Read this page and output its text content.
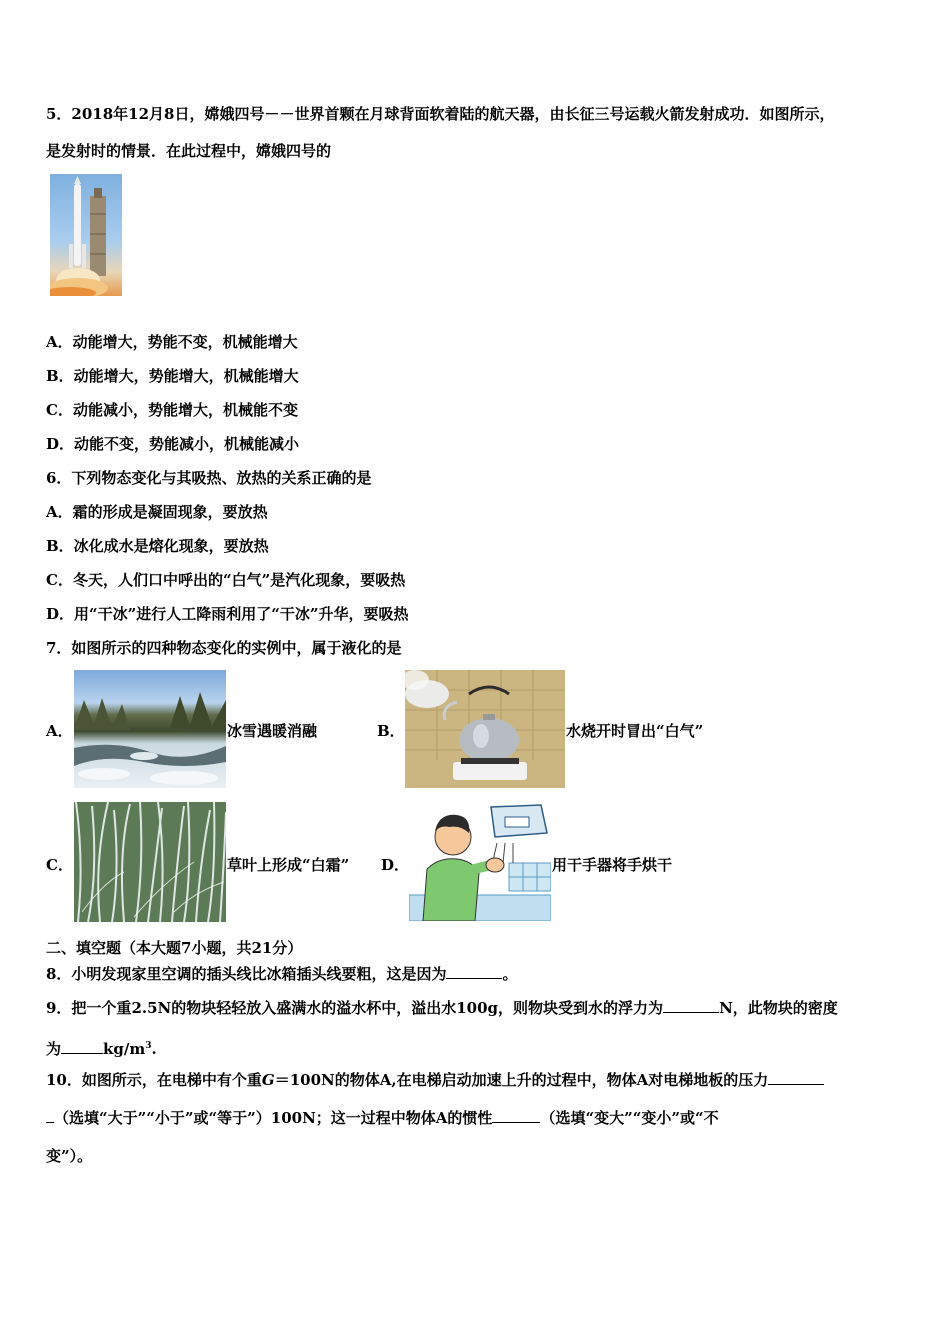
5．2018年12月8日，嫦娥四号－－世界首颗在月球背面软着陆的航天器，由长征三号运载火箭发射成功．如图所示，
是发射时的情景．在此过程中，嫦娥四号的
A．动能增大，势能不变，机械能增大
B．动能增大，势能增大，机械能增大
C．动能减小，势能增大，机械能不变
D．动能不变，势能减小，机械能减小
6．下列物态变化与其吸热、放热的关系正确的是
A．霜的形成是凝固现象，要放热
B．冰化成水是熔化现象，要放热
C．冬天，人们口中呼出的“白气”是汽化现象，要吸热
D．用“干冰”进行人工降雨利用了“干冰”升华，要吸热
7．如图所示的四种物态变化的实例中，属于液化的是
A．	冰雪遇暖消融	B．	水烧开时冒出“白气”
C．	草叶上形成“白霜” D．	用干手器将手烘干
二、填空题（本大题7小题，共21分）
8．小明发现家里空调的插头线比冰箱插头线要粗，这是因为	。
9．把一个重2.5N的物块轻轻放入盛满水的溢水杯中，溢出水100g，则物块受到水的浮力为	N，此物块的密度
为	$kg/m^3$.
10．如图所示，在电梯中有个重G＝100N的物体A,在电梯启动加速上升的过程中，物体A对电梯地板的压力
（选填“大于”“小于”或“等于”）100N；这一过程中物体A的惯性	（选填“变大”“变小”或“不
变”）。
